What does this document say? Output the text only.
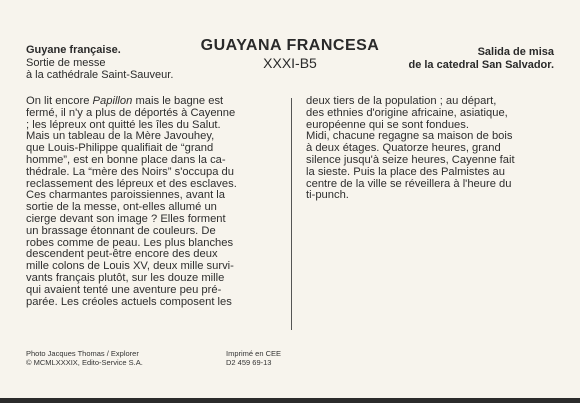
Guyane française.
Sortie de messe
à la cathédrale Saint-Sauveur.
GUAYANA FRANCESA
XXXI-B5
Salida de misa
de la catedral San Salvador.

On lit encore Papillon mais le bagne est

fermé, il n'y a plus de déportés à Cayenne

; les lépreux ont quitté les îles du Salut.

Mais un tableau de la Mère Javouhey,

que Louis-Philippe qualifiait de “grand

homme”, est en bonne place dans la ca-

thédrale. La “mère des Noirs” s'occupa du

reclassement des lépreux et des esclaves.

Ces charmantes paroissiennes, avant la

sortie de la messe, ont-elles allumé un

cierge devant son image ? Elles forment

un brassage étonnant de couleurs. De

robes comme de peau. Les plus blanches

descendent peut-être encore des deux

mille colons de Louis XV, deux mille survi-

vants français plutôt, sur les douze mille

qui avaient tenté une aventure peu pré-

parée. Les créoles actuels composent les

deux tiers de la population ; au départ,

des ethnies d'origine africaine, asiatique,

européenne qui se sont fondues.

Midi, chacune regagne sa maison de bois

à deux étages. Quatorze heures, grand

silence jusqu'à seize heures, Cayenne fait

la sieste. Puis la place des Palmistes au

centre de la ville se réveillera à l'heure du

ti-punch.

Photo Jacques Thomas / Explorer
© MCMLXXXIX, Edito-Service S.A.
Imprimé en CEE
D2 459 69-13
